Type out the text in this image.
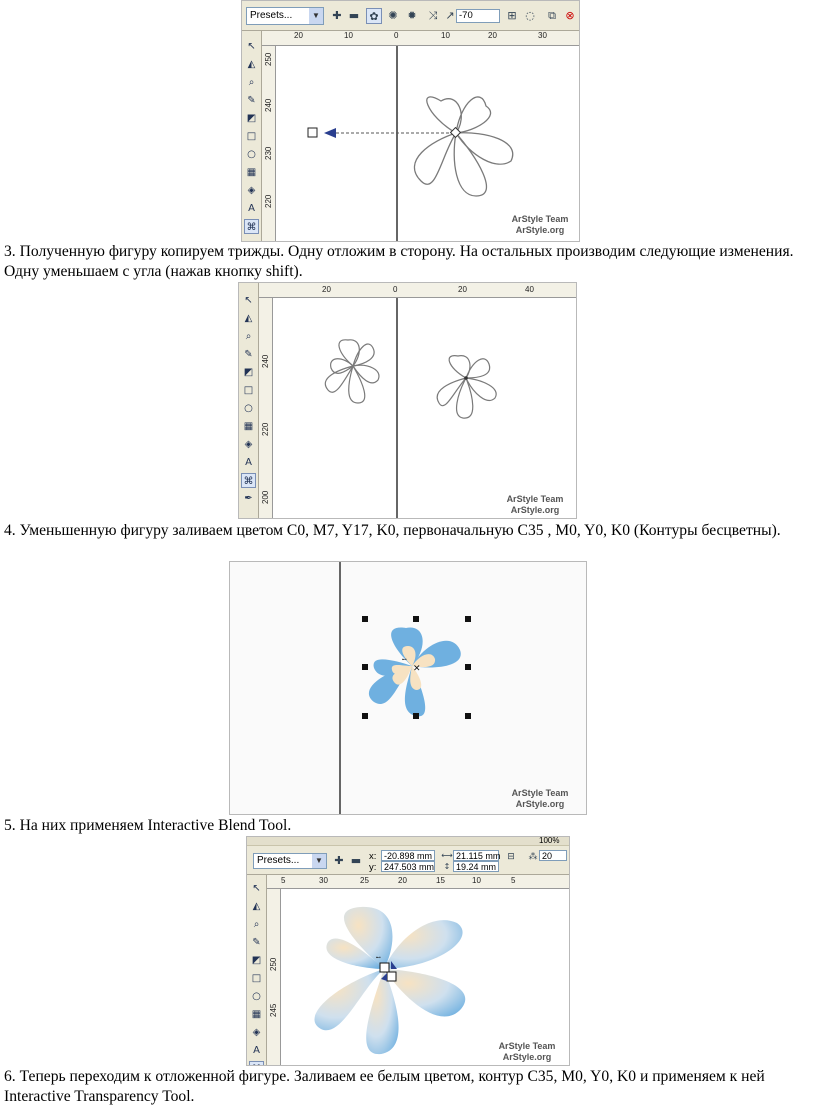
Presets...	▼	✚ ▬ ✿ ✺ ✹	⤨ ↗ -70	⊞ ◌	⧉ ⊗
↖
◭
⌕
✎
◩
□
○
▦
◈
A
⌘
20	10	0	10	20	30
250
240
230
220
ArStyle Team
ArStyle.org

3. Полученную фигуру копируем трижды. Одну отложим в сторону. На остальных производим следующие изменения. Одну уменьшаем с угла (нажав кнопку shift).

↖
◭
⌕
✎
◩
□
○
▦
◈
A
⌘
✒
20	0	20	40
240
220
200	ArStyle Team
ArStyle.org

4. Уменьшенную фигуру заливаем цветом C0, M7, Y17, K0, первоначальную C35 , M0, Y0, K0 (Контуры бесцветны).

✕
⊷
ArStyle Team
ArStyle.org

5. На них применяем Interactive Blend Tool.

100%
Presets...	▼	✚ ▬ x:
y:
-20.898 mm
247.503 mm
⟷
↕
21.115 mm
19.24 mm
⊟	⁂ 20
↖
◭
⌕
✎
◩
□
○
▦
◈
A
5	30	25	20	15	10	5
250
245
⊷
ArStyle Team
ArStyle.org

6. Теперь переходим к отложенной фигуре. Заливаем ее белым цветом, контур C35, M0, Y0, K0 и применяем к ней Interactive Transparency Tool.
